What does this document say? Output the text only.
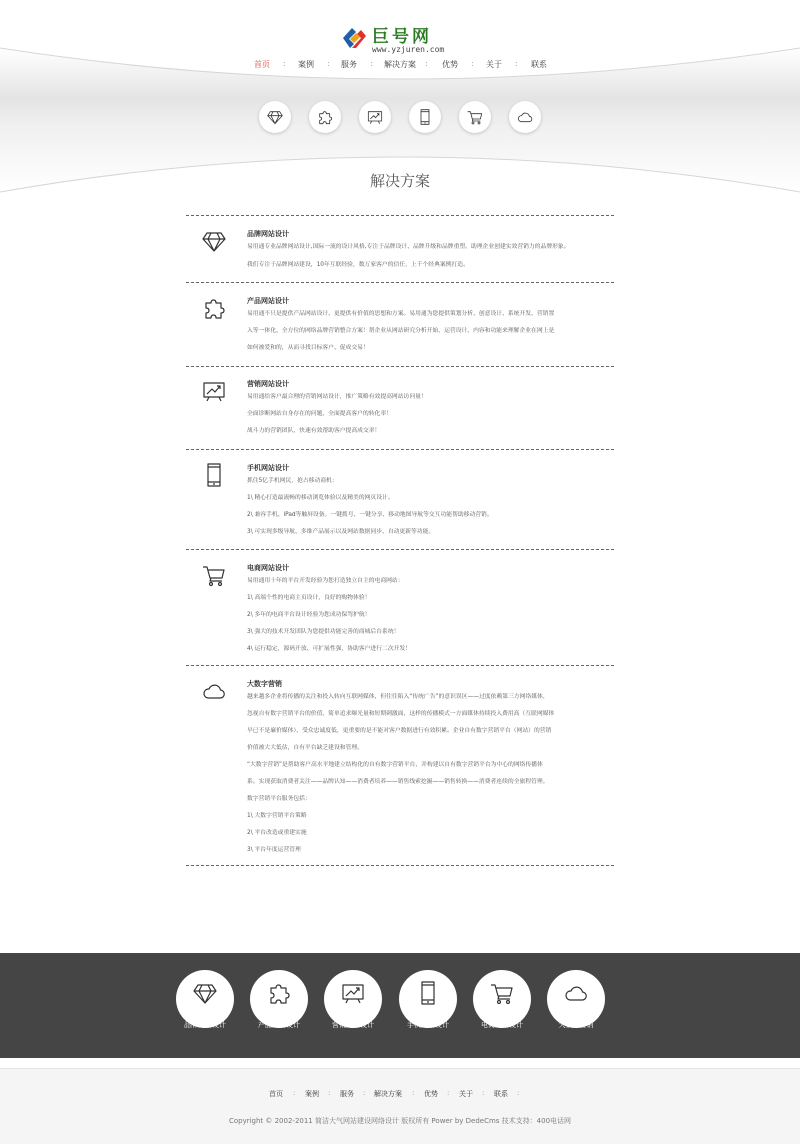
巨号网
www.yzjuren.com
首页 : 案例 : 服务 : 解决方案 : 优势 : 关于 : 联系
解决方案
品牌网站设计
易用通专业品牌网站设计,国际一流的设计风格,专注于品牌设计、品牌升级和品牌重塑。助理企业创建实效营销力的品牌形象。
我们专注于品牌网站建设，10年互联经验，数万家客户的信任，上千个经典案例打造。
产品网站设计
易用通不只是提供产品网站设计、更提供有价值的思想和方案。易用通为您提供策划分析、创意设计、系统开发、营销置
入等一体化、全方位的网络品牌营销整合方案！帮企业从网站研究分析开始，运营设计、内容和功能来理解企业在网上是
如何被爱和的，从而寻找目标客户、促成交易！
营销网站设计
易用通给客户最合理的营销网站设计，推广策略有效提高网站访问量！
全面诊断网站自身存在的问题，全面提高客户的转化率！
战斗力的营销团队，快速有效帮助客户提高成交率！
手机网站设计
抓住5亿手机网民，抢占移动商机：
1\ 精心打造最流畅的移动浏览体验以及精美的网页设计。
2\ 兼容手机、iPad等触屏设备。一键拨号、一键分享、移动地图导航等交互功能帮助移动营销。
3\ 可实现多级导航、多维产品展示以及网站数据同步、自动更新等功能。
电商网站设计
易用通用十年的平台开发经验为您打造独立自主的电商网站：
1\ 高端个性的电商主页设计，良好的购物体验！
2\ 多年的电商平台设计经验为您成功保驾护航！
3\ 强大的技术开发团队为您提供功能完善的商城后台系统！
4\ 运行稳定，源码开放、可扩展性强，协助客户进行二次开发！
大数字营销
越来越多企业将传播的关注和投入转向互联网媒体，但往往陷入“传统广告”的意识误区——过度依赖第三方网络媒体，
忽视自有数字营销平台的价值，简单追求曝光量和短期刺激面，这样的传播模式一方面媒体持续投入费用高（互联网媒体
早已不是廉价媒体）、受众忠诚度低，更重要的是不能对客户数据进行有效积累。企业自有数字营销平台（网站）的营销
价值被大大低估，自有平台缺乏建设和管理。
“大数字营销”是帮助客户高水平地建立结构化的自有数字营销平台，并构建以自有数字营销平台为中心的网络传播体
系。实现获取消费者关注——品牌认知——消费者培养——销售线索挖掘——销售转换——消费者连续的全旅程管理。
数字营销平台服务包括：
1\ 大数字营销平台策略
2\ 平台改造或重建实施
3\ 平台年度运营管理
品牌网站设计	产品网站设计	营销网站设计	手机网站设计	电商网站设计	大数字营销
首页 : 案例 : 服务 : 解决方案 : 优势 : 关于 : 联系 :
Copyright © 2002-2011 简洁大气网站建设网络设计 版权所有 Power by DedeCms 技术支持：400电话网
